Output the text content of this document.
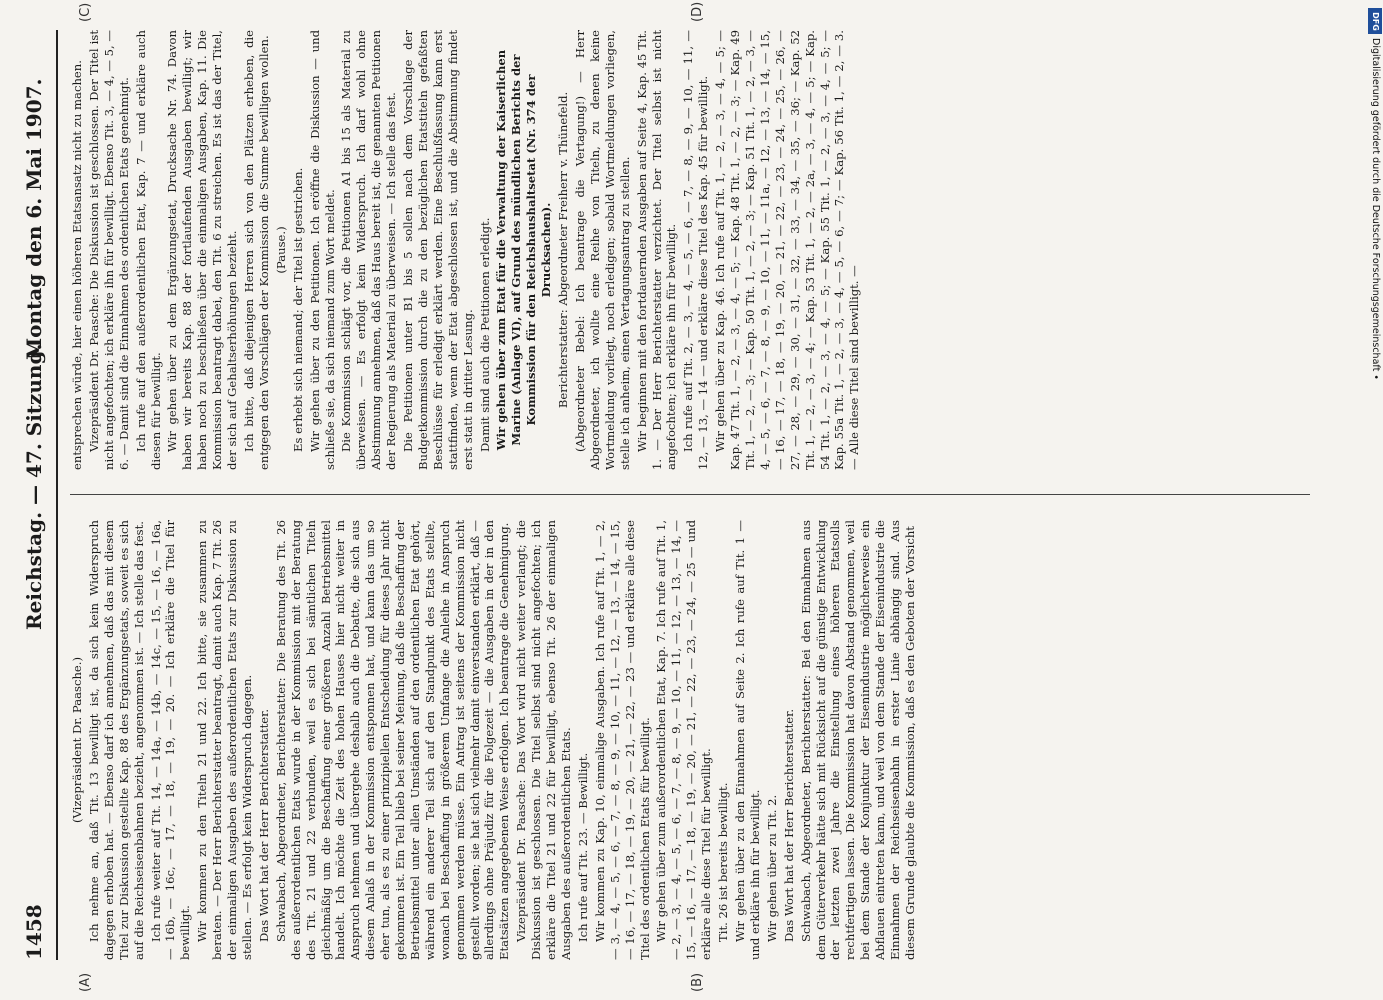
1458
Reichstag. — 47. Sitzung.
Montag den 6. Mai 1907.
(A)	(B)
(C)	(D)

(Vizepräsident Dr. Paasche.) Ich nehme an, daß Tit. 13 bewilligt ist, da sich kein Widerspruch dagegen erhoben hat. — Ebenso darf ich annehmen, daß das mit diesem Titel zur Diskussion gestellte Kap. 88 des Ergänzungsetats, soweit es sich auf die Reichseisenbahnen bezieht, angenommen ist. — Ich stelle das fest. Ich rufe weiter auf Tit. 14, — 14a, — 14b, — 14c, — 15, — 16, — 16a, — 16b, — 16c, — 17, — 18, — 19, — 20. — Ich erkläre die Titel für bewilligt. Wir kommen zu den Titeln 21 und 22. Ich bitte, sie zusammen zu beraten. — Der Herr Berichterstatter beantragt, damit auch Kap. 7 Tit. 26 der einmaligen Ausgaben des außerordentlichen Etats zur Diskussion zu stellen. — Es erfolgt kein Widerspruch dagegen. Das Wort hat der Herr Berichterstatter. Schwabach, Abgeordneter, Berichterstatter: Die Beratung des Tit. 26 des außerordentlichen Etats wurde in der Kommission mit der Beratung des Tit. 21 und 22 verbunden, weil es sich bei sämtlichen Titeln gleichmäßig um die Beschaffung einer größeren Anzahl Betriebsmittel handelt. Ich möchte die Zeit des hohen Hauses hier nicht weiter in Anspruch nehmen und übergehe deshalb auch die Debatte, die sich aus diesem Anlaß in der Kommission entsponnen hat, und kann das um so eher tun, als es zu einer prinzipiellen Entscheidung für dieses Jahr nicht gekommen ist. Ein Teil blieb bei seiner Meinung, daß die Beschaffung der Betriebsmittel unter allen Umständen auf den ordentlichen Etat gehört, während ein anderer Teil sich auf den Standpunkt des Etats stellte, wonach bei Beschaffung in größerem Umfange die Anleihe in Anspruch genommen werden müsse. Ein Antrag ist seitens der Kommission nicht gestellt worden; sie hat sich vielmehr damit einverstanden erklärt, daß — allerdings ohne Präjudiz für die Folgezeit — die Ausgaben in der in den Etatsätzen angegebenen Weise erfolgen. Ich beantrage die Genehmigung. Vizepräsident Dr. Paasche: Das Wort wird nicht weiter verlangt; die Diskussion ist geschlossen. Die Titel selbst sind nicht angefochten; ich erkläre die Titel 21 und 22 für bewilligt, ebenso Tit. 26 der einmaligen Ausgaben des außerordentlichen Etats. Ich rufe auf Tit. 23. — Bewilligt. Wir kommen zu Kap. 10, einmalige Ausgaben. Ich rufe auf Tit. 1, — 2, — 3, — 4, — 5, — 6, — 7, — 8, — 9, — 10, — 11, — 12, — 13, — 14, — 15, — 16, — 17, — 18, — 19, — 20, — 21, — 22, — 23 — und erkläre alle diese Titel des ordentlichen Etats für bewilligt. Wir gehen über zum außerordentlichen Etat, Kap. 7. Ich rufe auf Tit. 1, — 2, — 3, — 4, — 5, — 6, — 7, — 8, — 9, — 10, — 11, — 12, — 13, — 14, — 15, — 16, — 17, — 18, — 19, — 20, — 21, — 22, — 23, — 24, — 25 — und erkläre alle diese Titel für bewilligt. Tit. 26 ist bereits bewilligt. Wir gehen über zu den Einnahmen auf Seite 2. Ich rufe auf Tit. 1 — und erkläre ihn für bewilligt. Wir gehen über zu Tit. 2. Das Wort hat der Herr Berichterstatter. Schwabach, Abgeordneter, Berichterstatter: Bei den Einnahmen aus dem Güterverkehr hätte sich mit Rücksicht auf die günstige Entwicklung der letzten zwei Jahre die Einstellung eines höheren Etatsolls rechtfertigen lassen. Die Kommission hat davon Abstand genommen, weil bei dem Stande der Konjunktur der Eisenindustrie möglicherweise ein Abflauen eintreten kann, und weil von dem Stande der Eisenindustrie die Einnahmen der Reichseisenbahn in erster Linie abhängig sind. Aus diesem Grunde glaubte die Kommission, daß es den Geboten der Vorsicht

entsprechen würde, hier einen höheren Etatsansatz nicht zu machen. Vizepräsident Dr. Paasche: Die Diskussion ist geschlossen. Der Titel ist nicht angefochten; ich erkläre ihn für bewilligt. Ebenso Tit. 3, — 4, — 5, — 6. — Damit sind die Einnahmen des ordentlichen Etats genehmigt. Ich rufe auf den außerordentlichen Etat, Kap. 7 — und erkläre auch diesen für bewilligt. Wir gehen über zu dem Ergänzungsetat, Drucksache Nr. 74. Davon haben wir bereits Kap. 88 der fortlaufenden Ausgaben bewilligt; wir haben noch zu beschließen über die einmaligen Ausgaben, Kap. 11. Die Kommission beantragt dabei, den Tit. 6 zu streichen. Es ist das der Titel, der sich auf Gehaltserhöhungen bezieht. Ich bitte, daß diejenigen Herren sich von den Plätzen erheben, die entgegen den Vorschlägen der Kommission die Summe bewilligen wollen. (Pause.) Es erhebt sich niemand; der Titel ist gestrichen. Wir gehen über zu den Petitionen. Ich eröffne die Diskussion — und schließe sie, da sich niemand zum Wort meldet. Die Kommission schlägt vor, die Petitionen A1 bis 15 als Material zu überweisen. — Es erfolgt kein Widerspruch. Ich darf wohl ohne Abstimmung annehmen, daß das Haus bereit ist, die genannten Petitionen der Regierung als Material zu überweisen. — Ich stelle das fest. Die Petitionen unter B1 bis 5 sollen nach dem Vorschlage der Budgetkommission durch die zu den bezüglichen Etatstiteln gefaßten Beschlüsse für erledigt erklärt werden. Eine Beschlußfassung kann erst stattfinden, wenn der Etat abgeschlossen ist, und die Abstimmung findet erst statt in dritter Lesung. Damit sind auch die Petitionen erledigt. Wir gehen über zum Etat für die Verwaltung der Kaiserlichen Marine (Anlage VI), auf Grund des mündlichen Berichts der Kommission für den Reichshaushaltsetat (Nr. 374 der Drucksachen). Berichterstatter: Abgeordneter Freiherr v. Thünefeld. (Abgeordneter Bebel: Ich beantrage die Vertagung!) — Herr Abgeordneter, ich wollte eine Reihe von Titeln, zu denen keine Wortmeldung vorliegt, noch erledigen; sobald Wortmeldungen vorliegen, stelle ich anheim, einen Vertagungsantrag zu stellen. Wir beginnen mit den fortdauernden Ausgaben auf Seite 4, Kap. 45 Tit. 1. — Der Herr Berichterstatter verzichtet. Der Titel selbst ist nicht angefochten; ich erkläre ihn für bewilligt. Ich rufe auf Tit. 2, — 3, — 4, — 5, — 6, — 7, — 8, — 9, — 10, — 11, — 12, — 13, — 14 — und erkläre diese Titel des Kap. 45 für bewilligt. Wir gehen über zu Kap. 46. Ich rufe auf Tit. 1, — 2, — 3, — 4, — 5; — Kap. 47 Tit. 1, — 2, — 3, — 4, — 5; — Kap. 48 Tit. 1, — 2, — 3; — Kap. 49 Tit. 1, — 2, — 3; — Kap. 50 Tit. 1, — 2, — 3; — Kap. 51 Tit. 1, — 2, — 3, — 4, — 5, — 6, — 7, — 8, — 9, — 10, — 11, — 11a, — 12, — 13, — 14, — 15, — 16, — 17, — 18, — 19, — 20, — 21, — 22, — 23, — 24, — 25, — 26, — 27, — 28, — 29, — 30, — 31, — 32, — 33, — 34, — 35, — 36; — Kap. 52 Tit. 1, — 2, — 3, — 4; — Kap. 53 Tit. 1, — 2, — 2a, — 3, — 4, — 5; — Kap. 54 Tit. 1, — 2, — 3, — 4, — 5; — Kap. 55 Tit. 1, — 2, — 3, — 4, — 5; — Kap. 55a Tit. 1, — 2, — 3, — 4, — 5, — 6, — 7; — Kap. 56 Tit. 1, — 2, — 3. — Alle diese Titel sind bewilligt. —

DFG
Digitalisierung gefördert durch die Deutsche Forschungsgemeinschaft •
